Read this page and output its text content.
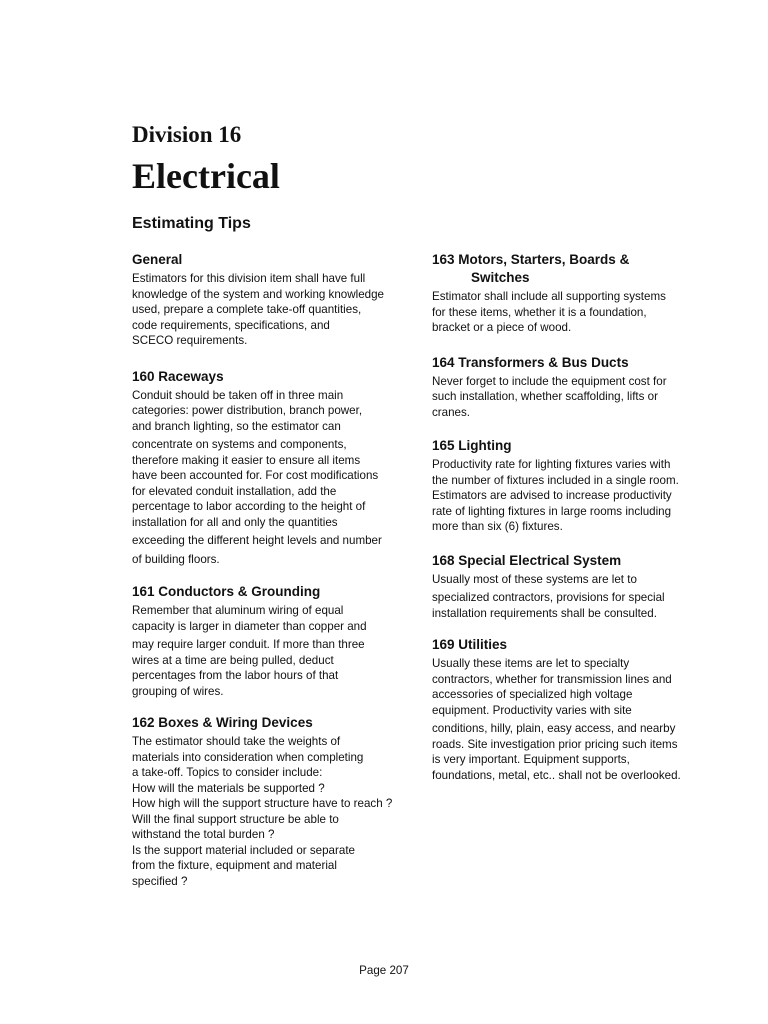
Division 16
Electrical
Estimating Tips
General

Estimators for this division item shall have full
knowledge of the system and working knowledge
used, prepare a complete take-off quantities,
code requirements, specifications, and
SCECO requirements.

160 Raceways

Conduit should be taken off in three main
categories: power distribution, branch power,
and branch lighting, so the estimator can
concentrate on systems and components,
therefore making it easier to ensure all items
have been accounted for. For cost modifications
for elevated conduit installation, add the
percentage to labor according to the height of
installation for all and only the quantities
exceeding the different height levels and number
of building floors.

161 Conductors & Grounding

Remember that aluminum wiring of equal
capacity is larger in diameter than copper and
may require larger conduit. If more than three
wires at a time are being pulled, deduct
percentages from the labor hours of that
grouping of wires.

162 Boxes & Wiring Devices

The estimator should take the weights of
materials into consideration when completing
a take-off. Topics to consider include:
How will the materials be supported ?
How high will the support structure have to reach ?
Will the final support structure be able to
withstand the total burden ?
Is the support material included or separate
from the fixture, equipment and material
specified ?

163 Motors, Starters, Boards &
Switches

Estimator shall include all supporting systems
for these items, whether it is a foundation,
bracket or a piece of wood.

164 Transformers & Bus Ducts

Never forget to include the equipment cost for
such installation, whether scaffolding, lifts or
cranes.

165 Lighting

Productivity rate for lighting fixtures varies with
the number of fixtures included in a single room.
Estimators are advised to increase productivity
rate of lighting fixtures in large rooms including
more than six (6) fixtures.

168 Special Electrical System

Usually most of these systems are let to
specialized contractors, provisions for special
installation requirements shall be consulted.

169 Utilities

Usually these items are let to specialty
contractors, whether for transmission lines and
accessories of specialized high voltage
equipment. Productivity varies with site
conditions, hilly, plain, easy access, and nearby
roads. Site investigation prior pricing such items
is very important. Equipment supports,
foundations, metal, etc.. shall not be overlooked.

Page 207
